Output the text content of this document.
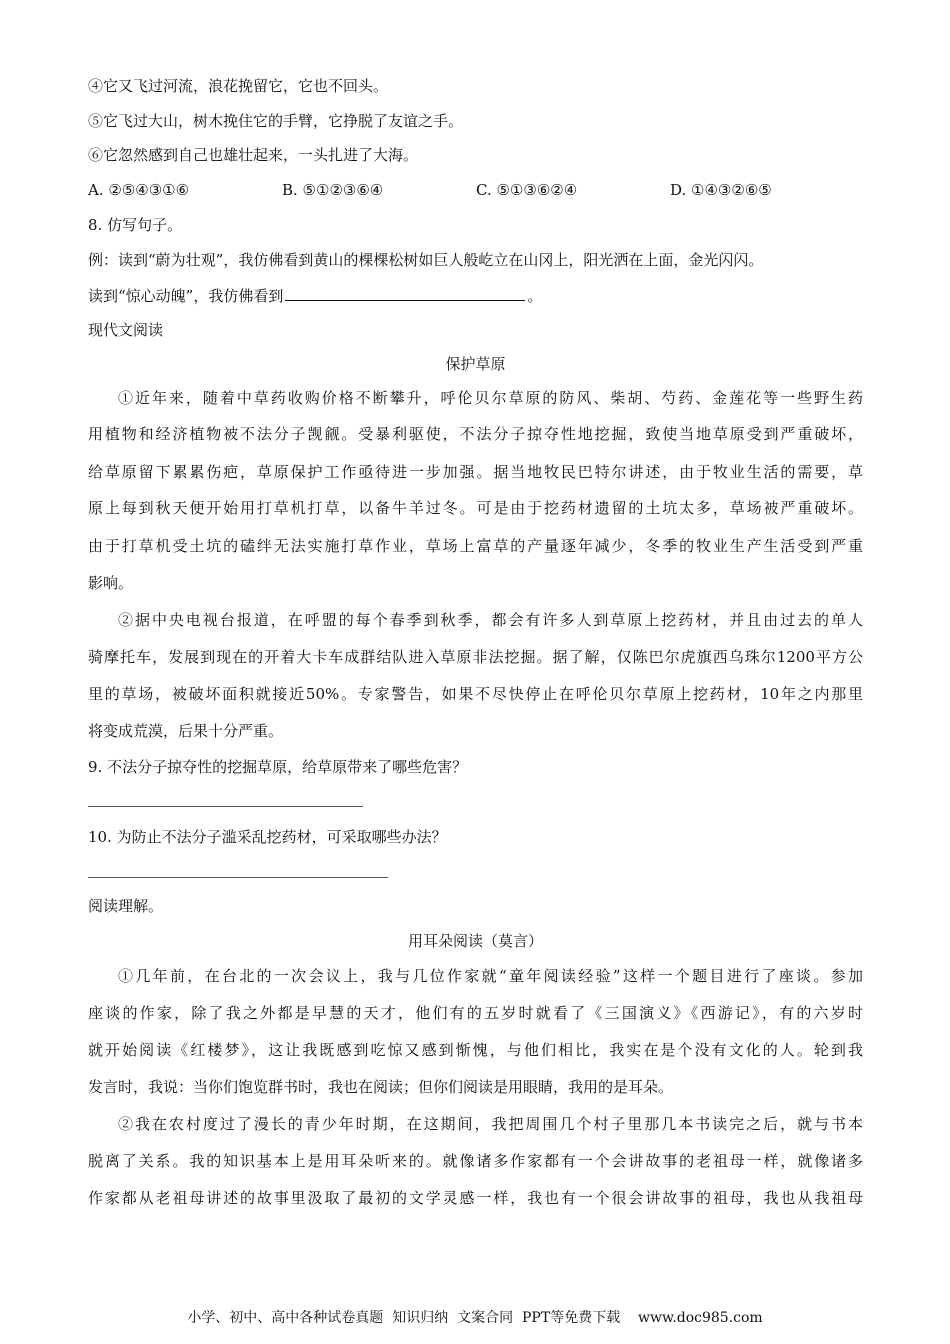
④它又飞过河流，浪花挽留它，它也不回头。
⑤它飞过大山，树木挽住它的手臂，它挣脱了友谊之手。
⑥它忽然感到自己也雄壮起来，一头扎进了大海。
A. ②⑤④③①⑥	B. ⑤①②③⑥④	C. ⑤①③⑥②④	D. ①④③②⑥⑤
8. 仿写句子。
例：读到“蔚为壮观”，我仿佛看到黄山的棵棵松树如巨人般屹立在山冈上，阳光洒在上面，金光闪闪。
读到“惊心动魄”，我仿佛看到	。
现代文阅读
保护草原
①近年来，随着中草药收购价格不断攀升，呼伦贝尔草原的防风、柴胡、芍药、金莲花等一些野生药
用植物和经济植物被不法分子觊觎。受暴利驱使，不法分子掠夺性地挖掘，致使当地草原受到严重破坏，
给草原留下累累伤疤，草原保护工作亟待进一步加强。据当地牧民巴特尔讲述，由于牧业生活的需要，草
原上每到秋天便开始用打草机打草，以备牛羊过冬。可是由于挖药材遗留的土坑太多，草场被严重破坏。
由于打草机受土坑的磕绊无法实施打草作业，草场上富草的产量逐年减少，冬季的牧业生产生活受到严重
影响。
②据中央电视台报道，在呼盟的每个春季到秋季，都会有许多人到草原上挖药材，并且由过去的单人
骑摩托车，发展到现在的开着大卡车成群结队进入草原非法挖掘。据了解，仅陈巴尔虎旗西乌珠尔1200平方公
里的草场，被破坏面积就接近50%。专家警告，如果不尽快停止在呼伦贝尔草原上挖药材，10年之内那里
将变成荒漠，后果十分严重。
9. 不法分子掠夺性的挖掘草原，给草原带来了哪些危害？
10. 为防止不法分子滥采乱挖药材，可采取哪些办法？
阅读理解。
用耳朵阅读（莫言）
①几年前，在台北的一次会议上，我与几位作家就“童年阅读经验”这样一个题目进行了座谈。参加
座谈的作家，除了我之外都是早慧的天才，他们有的五岁时就看了《三国演义》《西游记》，有的六岁时
就开始阅读《红楼梦》，这让我既感到吃惊又感到惭愧，与他们相比，我实在是个没有文化的人。轮到我
发言时，我说：当你们饱览群书时，我也在阅读；但你们阅读是用眼睛，我用的是耳朵。
②我在农村度过了漫长的青少年时期，在这期间，我把周围几个村子里那几本书读完之后，就与书本
脱离了关系。我的知识基本上是用耳朵听来的。就像诸多作家都有一个会讲故事的老祖母一样，就像诸多
作家都从老祖母讲述的故事里汲取了最初的文学灵感一样，我也有一个很会讲故事的祖母，我也从我祖母
小学、初中、高中各种试卷真题  知识归纳  文案合同  PPT等免费下载    www.doc985.com
